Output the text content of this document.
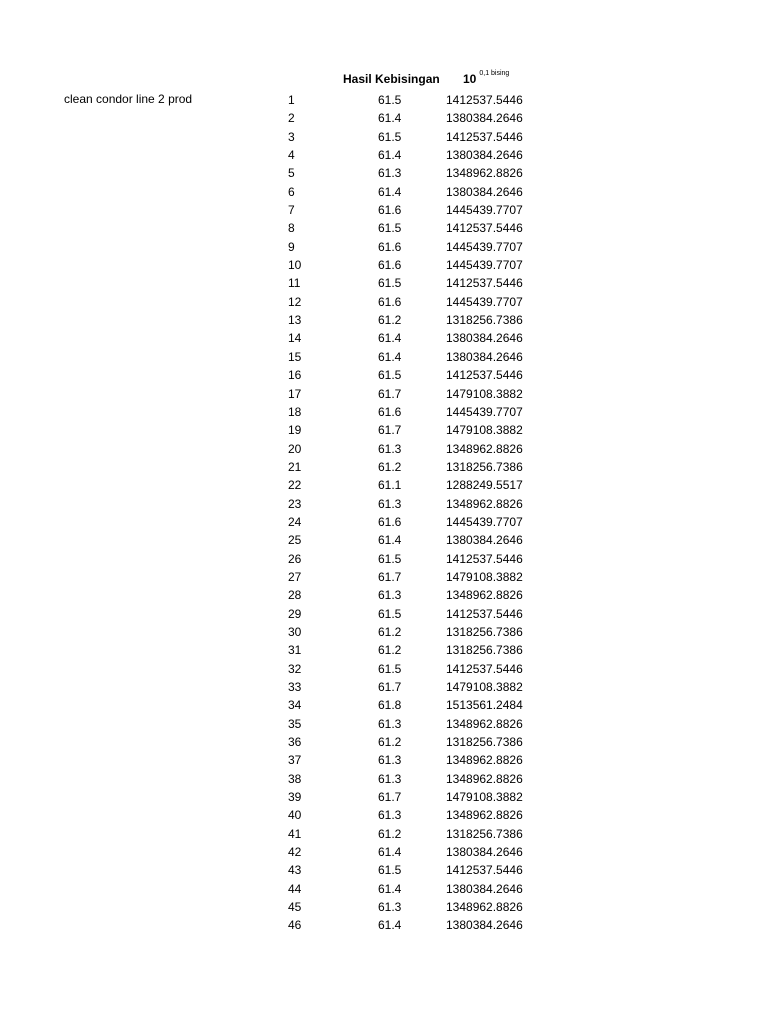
Hasil Kebisingan 10 $^{0,1 bising}$
clean condor line 2 prod	1	61.5	1412537.5446
2	61.4	1380384.2646
3	61.5	1412537.5446
4	61.4	1380384.2646
5	61.3	1348962.8826
6	61.4	1380384.2646
7	61.6	1445439.7707
8	61.5	1412537.5446
9	61.6	1445439.7707
10	61.6	1445439.7707
11	61.5	1412537.5446
12	61.6	1445439.7707
13	61.2	1318256.7386
14	61.4	1380384.2646
15	61.4	1380384.2646
16	61.5	1412537.5446
17	61.7	1479108.3882
18	61.6	1445439.7707
19	61.7	1479108.3882
20	61.3	1348962.8826
21	61.2	1318256.7386
22	61.1	1288249.5517
23	61.3	1348962.8826
24	61.6	1445439.7707
25	61.4	1380384.2646
26	61.5	1412537.5446
27	61.7	1479108.3882
28	61.3	1348962.8826
29	61.5	1412537.5446
30	61.2	1318256.7386
31	61.2	1318256.7386
32	61.5	1412537.5446
33	61.7	1479108.3882
34	61.8	1513561.2484
35	61.3	1348962.8826
36	61.2	1318256.7386
37	61.3	1348962.8826
38	61.3	1348962.8826
39	61.7	1479108.3882
40	61.3	1348962.8826
41	61.2	1318256.7386
42	61.4	1380384.2646
43	61.5	1412537.5446
44	61.4	1380384.2646
45	61.3	1348962.8826
46	61.4	1380384.2646
